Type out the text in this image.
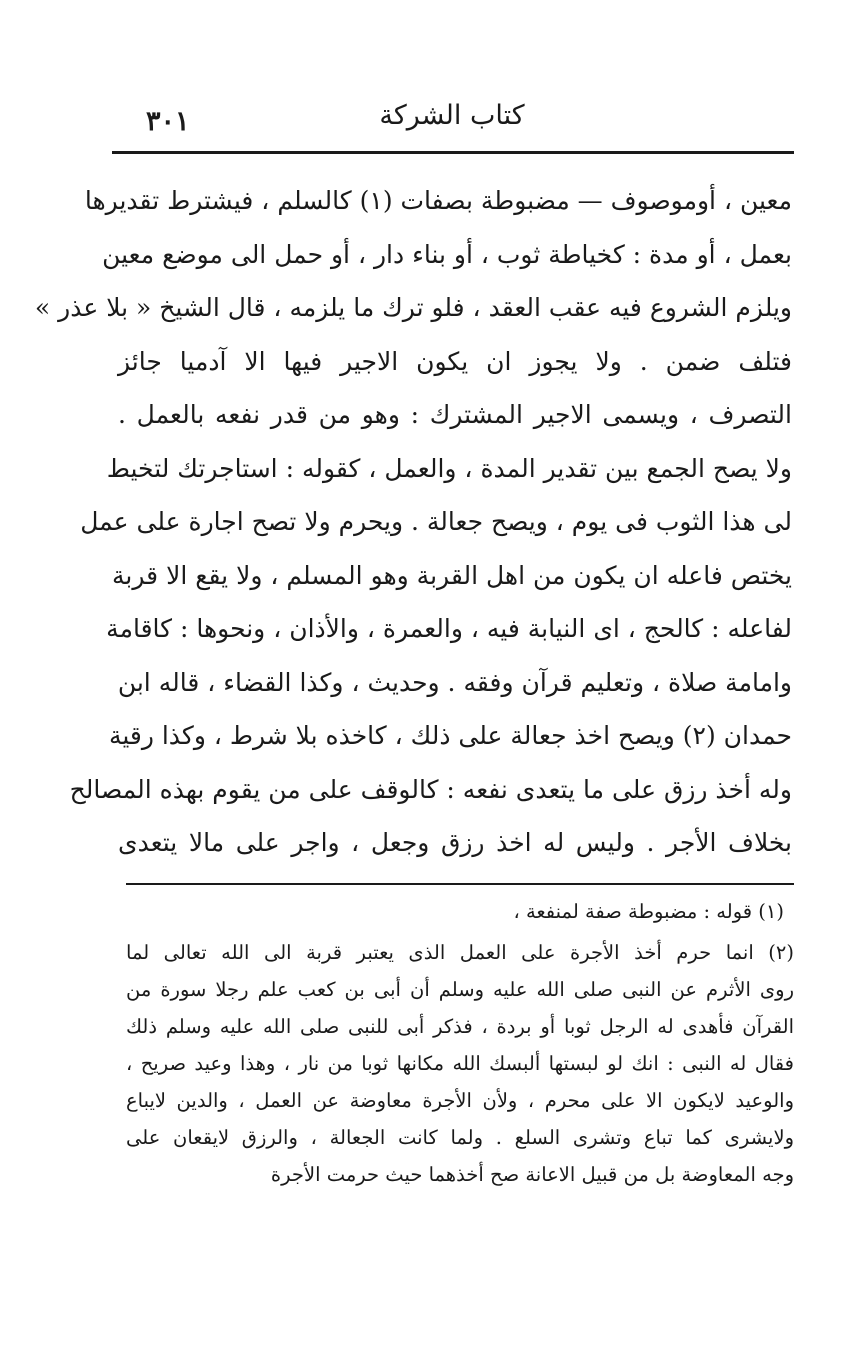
٣٠١	كتاب الشركة
معين ، أوموصوف — مضبوطة بصفات (١) كالسلم ، فيشترط تقديرها
بعمل ، أو مدة : كخياطة ثوب ، أو بناء دار ، أو حمل الى موضع معين
ويلزم الشروع فيه عقب العقد ، فلو ترك ما يلزمه ، قال الشيخ « بلا عذر »
فتلف ضمن . ولا يجوز ان يكون الاجير فيها الا آدميا جائز
التصرف ، ويسمى الاجير المشترك : وهو من قدر نفعه بالعمل .
ولا يصح الجمع بين تقدير المدة ، والعمل ، كقوله : استاجرتك لتخيط
لى هذا الثوب فى يوم ، ويصح جعالة . ويحرم ولا تصح اجارة على عمل
يختص فاعله ان يكون من اهل القربة وهو المسلم ، ولا يقع الا قربة
لفاعله : كالحج ، اى النيابة فيه ، والعمرة ، والأذان ، ونحوها : كاقامة
وامامة صلاة ، وتعليم قرآن وفقه . وحديث ، وكذا القضاء ، قاله ابن
حمدان (٢) ويصح اخذ جعالة على ذلك ، كاخذه بلا شرط ، وكذا رقية
وله أخذ رزق على ما يتعدى نفعه : كالوقف على من يقوم بهذه المصالح
بخلاف الأجر . وليس له اخذ رزق وجعل ، واجر على مالا يتعدى
(١) قوله : مضبوطة صفة لمنفعة ،
(٢) انما حرم أخذ الأجرة على العمل الذى يعتبر قربة الى الله تعالى لما
روى الأثرم عن النبى صلى الله عليه وسلم أن أبى بن كعب علم رجلا سورة من
القرآن فأهدى له الرجل ثوبا أو بردة ، فذكر أبى للنبى صلى الله عليه وسلم ذلك
فقال له النبى : انك لو لبستها ألبسك الله مكانها ثوبا من نار ، وهذا وعيد صريح ،
والوعيد لايكون الا على محرم ، ولأن الأجرة معاوضة عن العمل ، والدين لايباع
ولايشرى كما تباع وتشرى السلع . ولما كانت الجعالة ، والرزق لايقعان على
وجه المعاوضة بل من قبيل الاعانة صح أخذهما حيث حرمت الأجرة
